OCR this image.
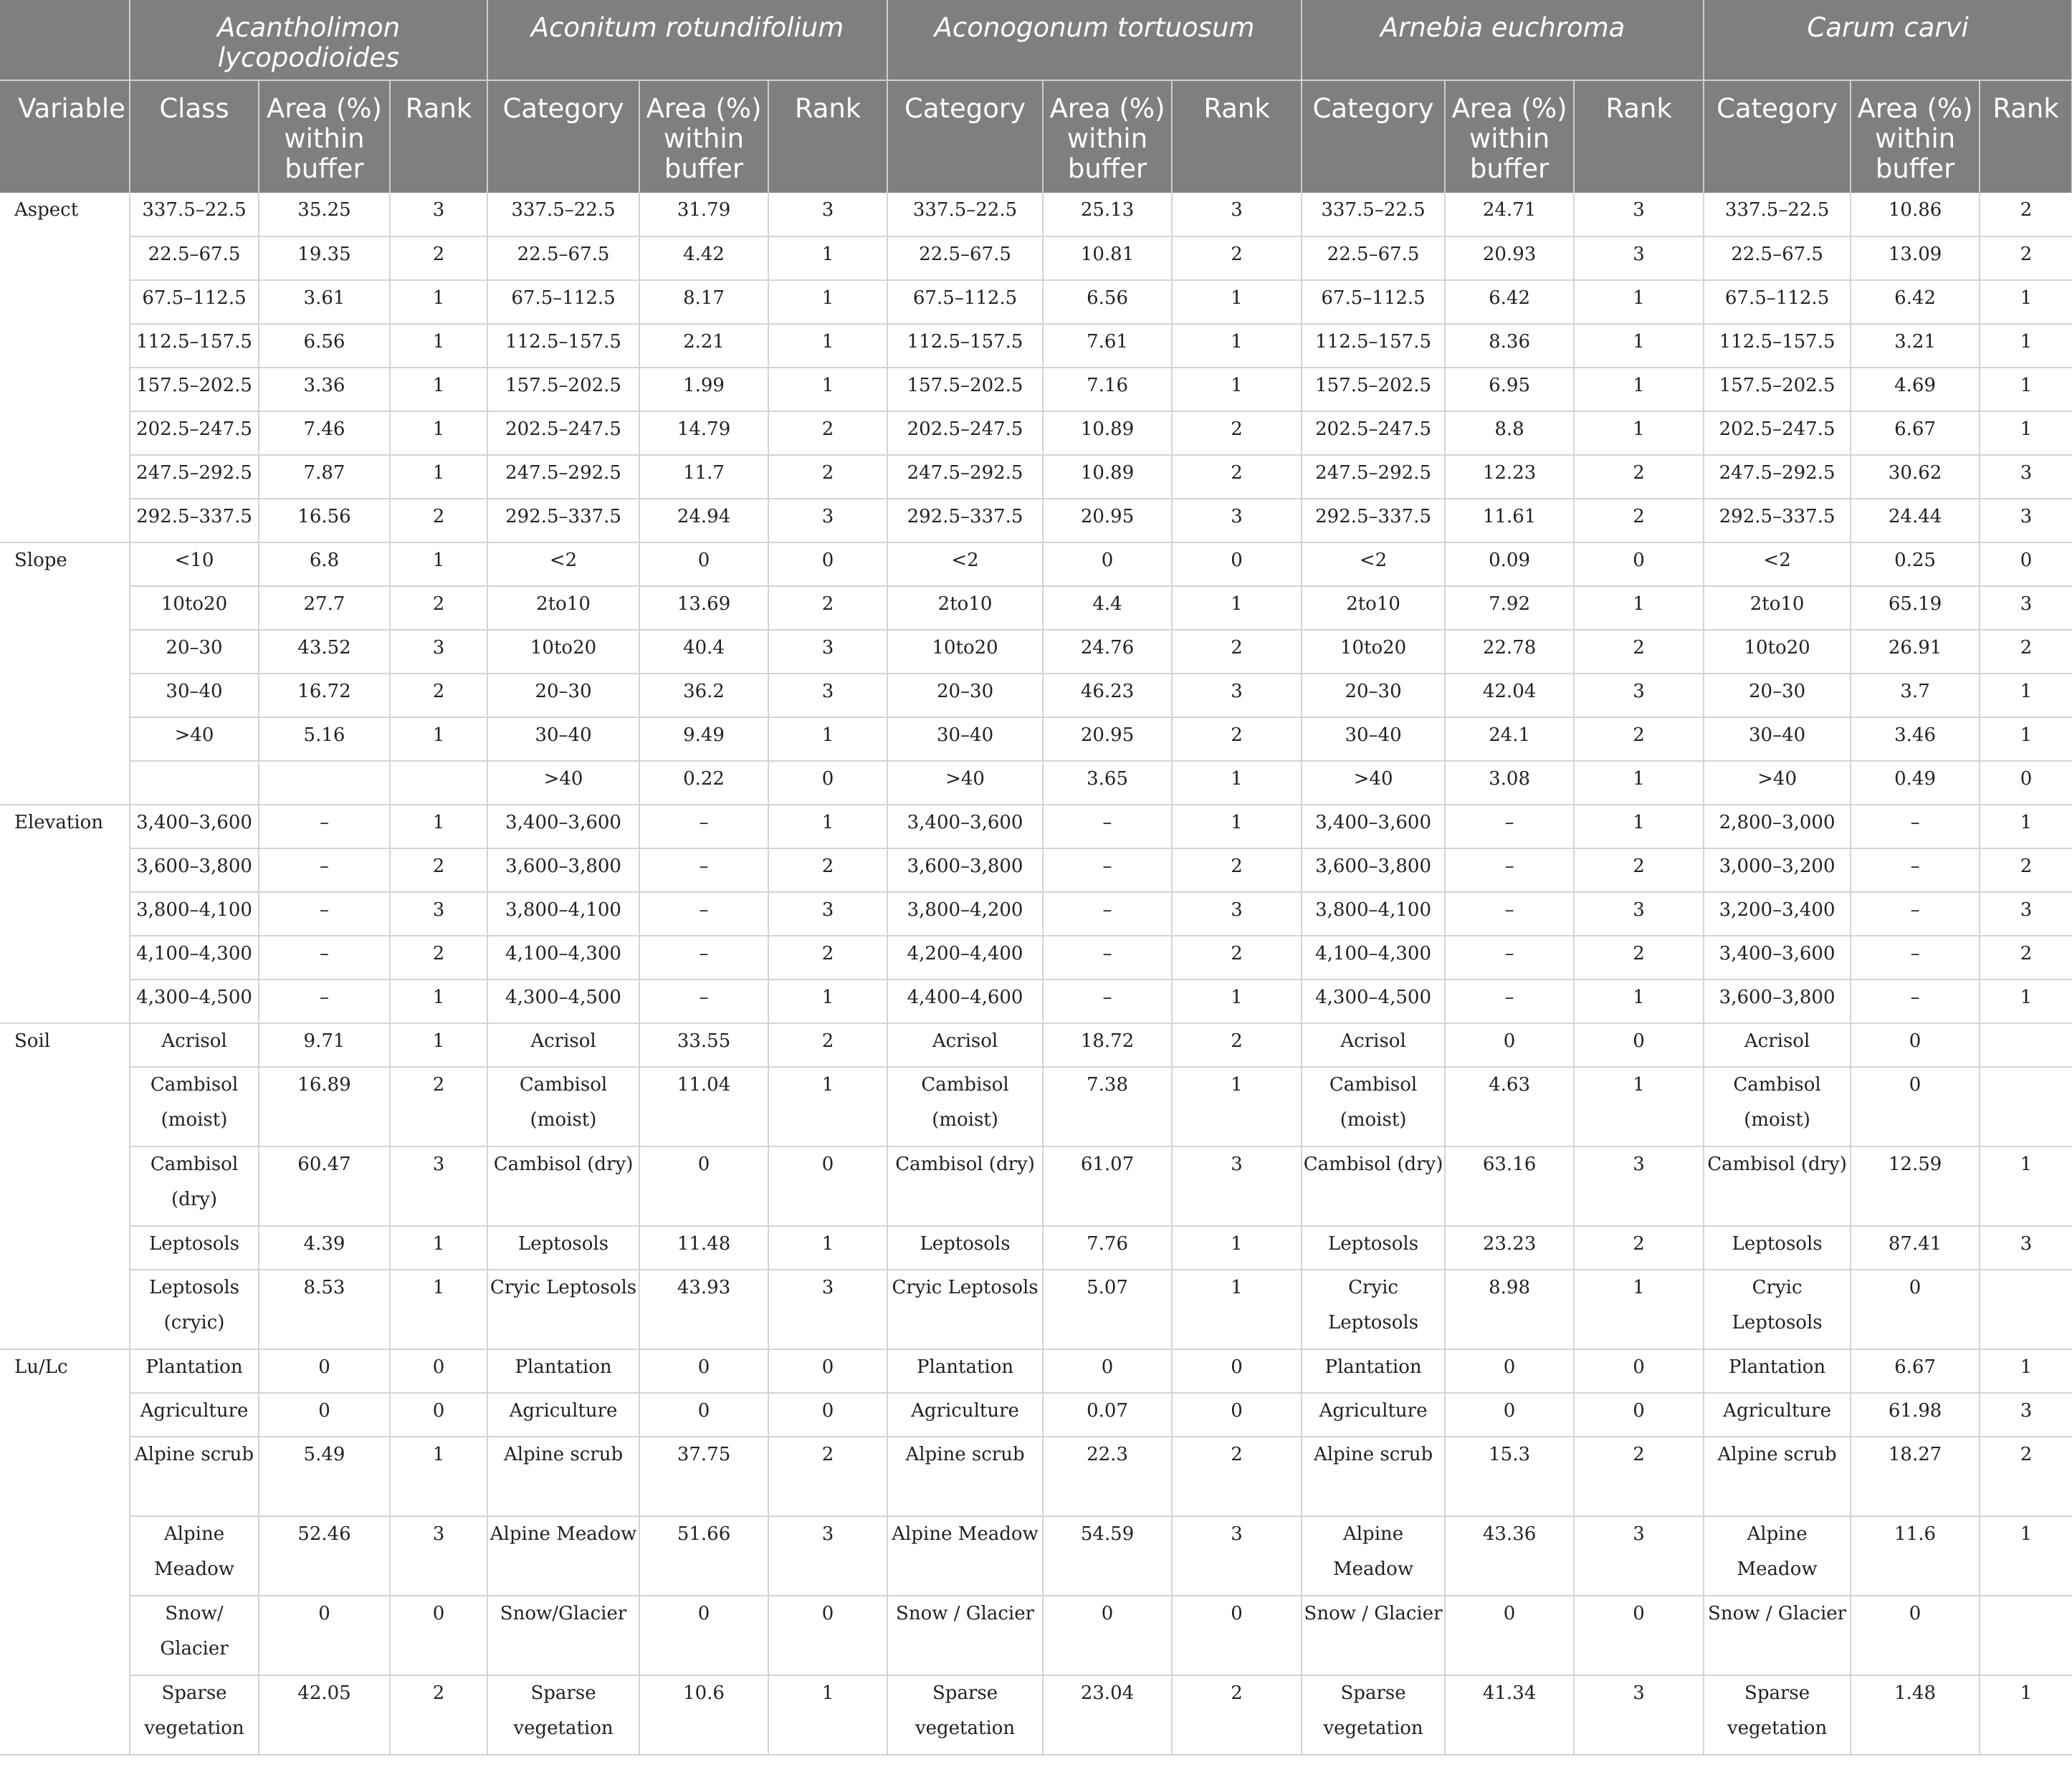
	Acantholimon lycopodioides			Aconitum rotundifolium			Aconogonum tortuosum			Arnebia euchroma			Carum carvi		
Variable	Class	Area (%) within buffer	Rank	Category	Area (%) within buffer	Rank	Category	Area (%) within buffer	Rank	Category	Area (%) within buffer	Rank	Category	Area (%) within buffer	Rank
Aspect	337.5–22.5	35.25	3	337.5–22.5	31.79	3	337.5–22.5	25.13	3	337.5–22.5	24.71	3	337.5–22.5	10.86	2
	22.5–67.5	19.35	2	22.5–67.5	4.42	1	22.5–67.5	10.81	2	22.5–67.5	20.93	3	22.5–67.5	13.09	2
	67.5–112.5	3.61	1	67.5–112.5	8.17	1	67.5–112.5	6.56	1	67.5–112.5	6.42	1	67.5–112.5	6.42	1
	112.5–157.5	6.56	1	112.5–157.5	2.21	1	112.5–157.5	7.61	1	112.5–157.5	8.36	1	112.5–157.5	3.21	1
	157.5–202.5	3.36	1	157.5–202.5	1.99	1	157.5–202.5	7.16	1	157.5–202.5	6.95	1	157.5–202.5	4.69	1
	202.5–247.5	7.46	1	202.5–247.5	14.79	2	202.5–247.5	10.89	2	202.5–247.5	8.8	1	202.5–247.5	6.67	1
	247.5–292.5	7.87	1	247.5–292.5	11.7	2	247.5–292.5	10.89	2	247.5–292.5	12.23	2	247.5–292.5	30.62	3
	292.5–337.5	16.56	2	292.5–337.5	24.94	3	292.5–337.5	20.95	3	292.5–337.5	11.61	2	292.5–337.5	24.44	3
Slope	<10	6.8	1	<2	0	0	<2	0	0	<2	0.09	0	<2	0.25	0
	10to20	27.7	2	2to10	13.69	2	2to10	4.4	1	2to10	7.92	1	2to10	65.19	3
	20–30	43.52	3	10to20	40.4	3	10to20	24.76	2	10to20	22.78	2	10to20	26.91	2
	30–40	16.72	2	20–30	36.2	3	20–30	46.23	3	20–30	42.04	3	20–30	3.7	1
	>40	5.16	1	30–40	9.49	1	30–40	20.95	2	30–40	24.1	2	30–40	3.46	1
				>40	0.22	0	>40	3.65	1	>40	3.08	1	>40	0.49	0
Elevation	3,400–3,600	–	1	3,400–3,600	–	1	3,400–3,600	–	1	3,400–3,600	–	1	2,800–3,000	–	1
	3,600–3,800	–	2	3,600–3,800	–	2	3,600–3,800	–	2	3,600–3,800	–	2	3,000–3,200	–	2
	3,800–4,100	–	3	3,800–4,100	–	3	3,800–4,200	–	3	3,800–4,100	–	3	3,200–3,400	–	3
	4,100–4,300	–	2	4,100–4,300	–	2	4,200–4,400	–	2	4,100–4,300	–	2	3,400–3,600	–	2
	4,300–4,500	–	1	4,300–4,500	–	1	4,400–4,600	–	1	4,300–4,500	–	1	3,600–3,800	–	1
Soil	Acrisol	9.71	1	Acrisol	33.55	2	Acrisol	18.72	2	Acrisol	0	0	Acrisol	0	
	Cambisol (moist)	16.89	2	Cambisol (moist)	11.04	1	Cambisol (moist)	7.38	1	Cambisol (moist)	4.63	1	Cambisol (moist)	0	
	Cambisol (dry)	60.47	3	Cambisol (dry)	0	0	Cambisol (dry)	61.07	3	Cambisol (dry)	63.16	3	Cambisol (dry)	12.59	1
	Leptosols	4.39	1	Leptosols	11.48	1	Leptosols	7.76	1	Leptosols	23.23	2	Leptosols	87.41	3
	Leptosols (cryic)	8.53	1	Cryic Leptosols	43.93	3	Cryic Leptosols	5.07	1	Cryic Leptosols	8.98	1	Cryic Leptosols	0	
Lu/Lc	Plantation	0	0	Plantation	0	0	Plantation	0	0	Plantation	0	0	Plantation	6.67	1
	Agriculture	0	0	Agriculture	0	0	Agriculture	0.07	0	Agriculture	0	0	Agriculture	61.98	3
	Alpine scrub	5.49	1	Alpine scrub	37.75	2	Alpine scrub	22.3	2	Alpine scrub	15.3	2	Alpine scrub	18.27	2
	Alpine Meadow	52.46	3	Alpine Meadow	51.66	3	Alpine Meadow	54.59	3	Alpine Meadow	43.36	3	Alpine Meadow	11.6	1
	Snow/ Glacier	0	0	Snow/Glacier	0	0	Snow / Glacier	0	0	Snow / Glacier	0	0	Snow / Glacier	0	
	Sparse vegetation	42.05	2	Sparse vegetation	10.6	1	Sparse vegetation	23.04	2	Sparse vegetation	41.34	3	Sparse vegetation	1.48	1
